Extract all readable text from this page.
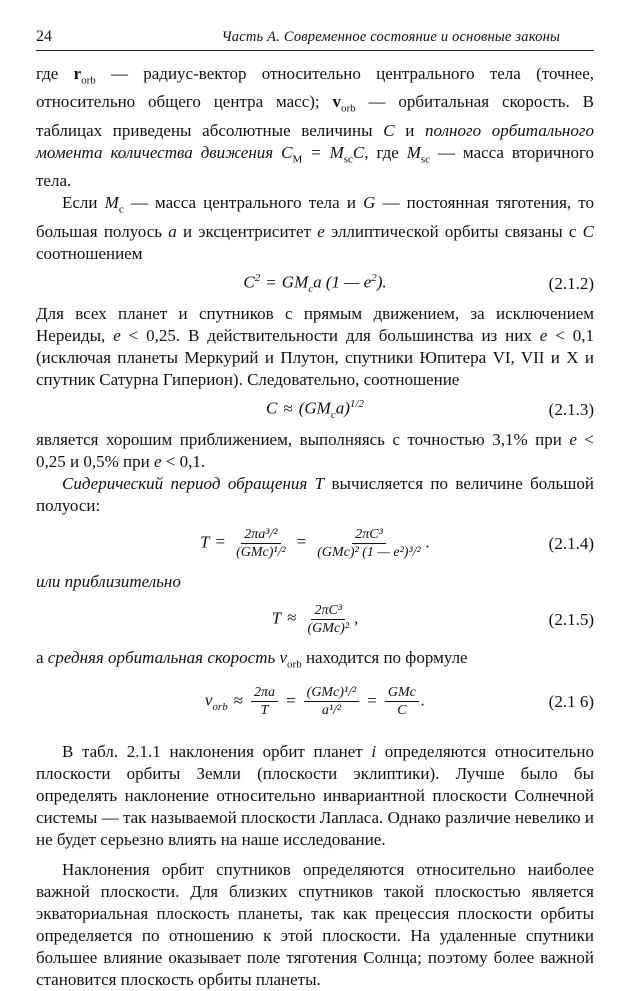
24	Часть А. Современное состояние и основные законы

где $r_{orb}$ — радиус-вектор относительно центрального тела (точнее, относительно общего центра масс); $v_{orb}$ — орбитальная скорость. В таблицах приведены абсолютные величины C и полного орбитального момента количества движения $C_M = M_{sc}C$, где $M_{sc}$ — масса вторичного тела.

Если $M_c$ — масса центрального тела и G — постоянная тяготения, то большая полуось a и эксцентриситет e эллиптической орбиты связаны с C соотношением

$C^2 = GM_ca$ (1 — $e^2$).	(2.1.2)

Для всех планет и спутников с прямым движением, за исключением Нереиды, e < 0,25. В действительности для большинства из них e < 0,1 (исключая планеты Меркурий и Плутон, спутники Юпитера VI, VII и X и спутник Сатурна Гиперион). Следовательно, соотношение

$C \approx (GM_ca)^{1/2}$	(2.1.3)

является хорошим приближением, выполняясь с точностью 3,1% при e < 0,25 и 0,5% при e < 0,1.

Сидерический период обращения T вычисляется по величине большой полуоси:

$T = \frac{\text{2πa³/²}}{\text{(GMc)¹/²}} = \frac{\text{2πC³}}{\text{(GMc)² (1 — e²)³/²}}$ .	(2.1.4)

или приблизительно

$T \approx \frac{\text{2πC³}}{\text{(GMc)²}}$ ,	(2.1.5)

а средняя орбитальная скорость $v_{orb}$ находится по формуле

$v_{orb} \approx \frac{2\pi a}{T} = \frac{\text{(GMc)¹/²}}{\text{a¹/²}} = \frac{\text{GMc}}{C}$ .	(2.1 6)

В табл. 2.1.1 наклонения орбит планет i определяются относительно плоскости орбиты Земли (плоскости эклиптики). Лучше было бы определять наклонение относительно инвариантной плоскости Солнечной системы — так называемой плоскости Лапласа. Однако различие невелико и не будет серьезно влиять на наше исследование.

Наклонения орбит спутников определяются относительно наиболее важной плоскости. Для близких спутников такой плоскостью является экваториальная плоскость планеты, так как прецессия плоскости орбиты определяется по отношению к этой плоскости. На удаленные спутники большее влияние оказывает поле тяготения Солнца; поэтому более важной становится плоскость орбиты планеты.
